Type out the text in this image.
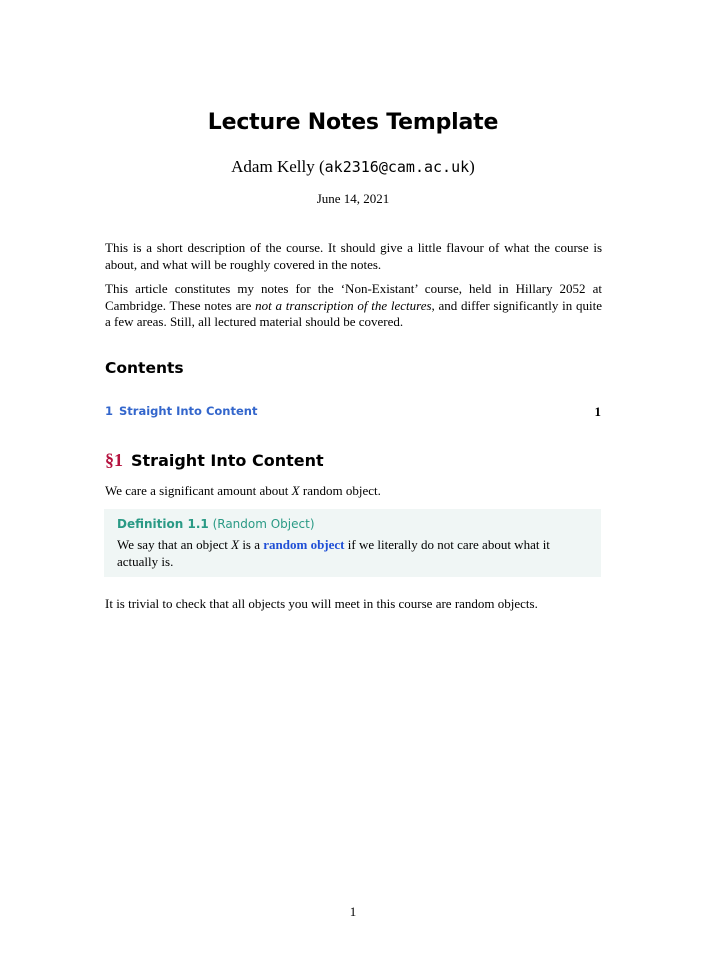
Lecture Notes Template
Adam Kelly (ak2316@cam.ac.uk)
June 14, 2021
This is a short description of the course. It should give a little flavour of what the course is about, and what will be roughly covered in the notes.
This article constitutes my notes for the ‘Non-Existant’ course, held in Hillary 2052 at Cambridge. These notes are not a transcription of the lectures, and differ significantly in quite a few areas. Still, all lectured material should be covered.
Contents
1 Straight Into Content	1
§1 Straight Into Content
We care a significant amount about X random object.
Definition 1.1 (Random Object)
We say that an object X is a random object if we literally do not care about what it actually is.
It is trivial to check that all objects you will meet in this course are random objects.
1
